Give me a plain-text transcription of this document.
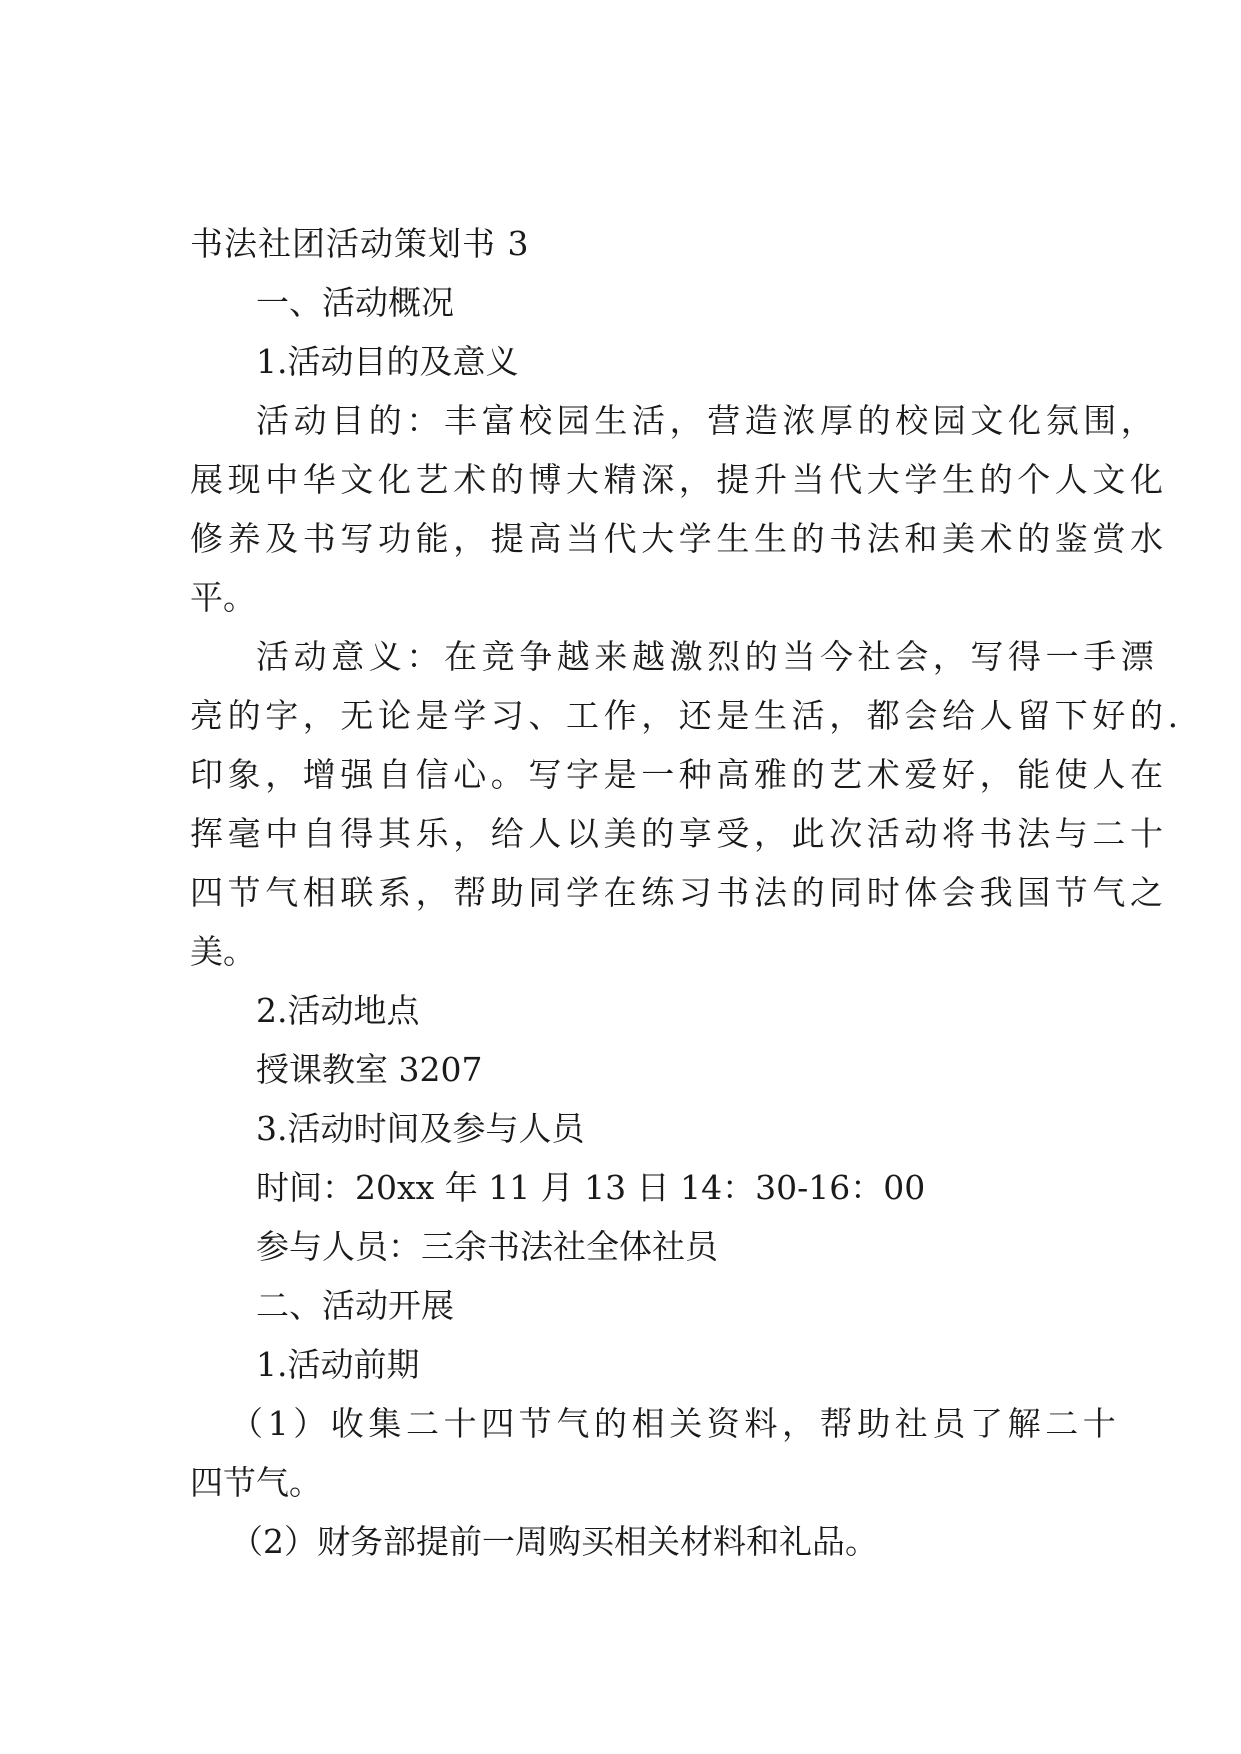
书法社团活动策划书 3
一、活动概况
1.活动目的及意义
活动目的：丰富校园生活，营造浓厚的校园文化氛围，
展现中华文化艺术的博大精深，提升当代大学生的个人文化
修养及书写功能，提高当代大学生生的书法和美术的鉴赏水
平。
活动意义：在竞争越来越激烈的当今社会，写得一手漂
亮的字，无论是学习、工作，还是生活，都会给人留下好的.
印象，增强自信心。写字是一种高雅的艺术爱好，能使人在
挥毫中自得其乐，给人以美的享受，此次活动将书法与二十
四节气相联系，帮助同学在练习书法的同时体会我国节气之
美。
2.活动地点
授课教室 3207
3.活动时间及参与人员
时间：20xx 年 11 月 13 日 14：30-16：00
参与人员：三余书法社全体社员
二、活动开展
1.活动前期
（1）收集二十四节气的相关资料，帮助社员了解二十
四节气。
（2）财务部提前一周购买相关材料和礼品。
